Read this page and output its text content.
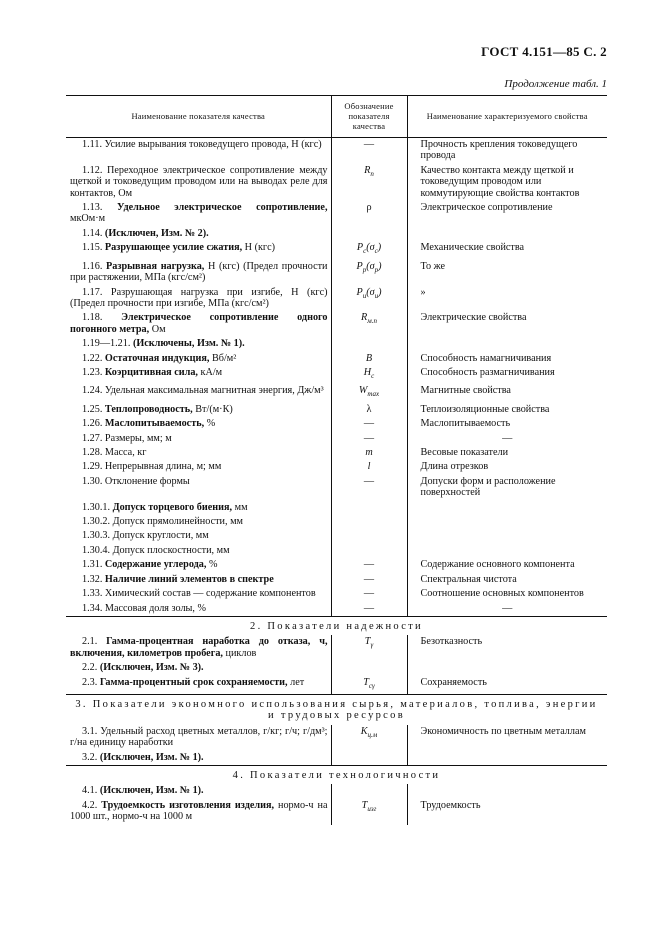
ГОСТ 4.151—85 С. 2
Продолжение табл. 1
Наименование показателя качества	Обозначение показателя качества	Наименование характеризуемого свойства
1.11. Усилие вырывания токоведущего провода, Н (кгс)	—	Прочность крепления токоведущего провода
1.12. Переходное электрическое сопротивление между щеткой и токоведущим проводом или на выводах реле для контактов, Ом	$R_п$	Качество контакта между щеткой и токоведущим проводом или коммутирующие свойства контактов
1.13. Удельное электрическое сопротивление, мкОм·м	ρ	Электрическое сопротивление
1.14. (Исключен, Изм. № 2).		
1.15. Разрушающее усилие сжатия, Н (кгс)	$P_с(\sigma_с)$	Механические свойства
1.16. Разрывная нагрузка, Н (кгс) (Предел прочности при растяжении, МПа (кгс/см²)	$P_р(\sigma_р)$	То же
1.17. Разрушающая нагрузка при изгибе, Н (кгс) (Предел прочности при изгибе, МПа (кгс/см²)	$P_и(\sigma_и)$	»
1.18. Электрическое сопротивление одного погонного метра, Ом	$R_{м.п}$	Электрические свойства
1.19—1.21. (Исключены, Изм. № 1).		
1.22. Остаточная индукция, Вб/м²	B	Способность намагничивания
1.23. Коэрцитивная сила, кА/м	$H_c$	Способность размагничивания
1.24. Удельная максимальная магнитная энергия, Дж/м³	$W_{max}$	Магнитные свойства
1.25. Теплопроводность, Вт/(м·К)	λ	Теплоизоляционные свойства
1.26. Маслопитываемость, %	—	Маслопитываемость
1.27. Размеры, мм; м	—	—
1.28. Масса, кг	m	Весовые показатели
1.29. Непрерывная длина, м; мм	l	Длина отрезков
1.30. Отклонение формы	—	Допуски форм и расположение поверхностей
1.30.1. Допуск торцевого биения, мм		
1.30.2. Допуск прямолинейности, мм		
1.30.3. Допуск круглости, мм		
1.30.4. Допуск плоскостности, мм		
1.31. Содержание углерода, %	—	Содержание основного компонента
1.32. Наличие линий элементов в спектре	—	Спектральная чистота
1.33. Химический состав — содержание компонентов	—	Соотношение основных компонентов
1.34. Массовая доля золы, %	—	—
2. Показатели надежности		
2.1. Гамма-процентная наработка до отказа, ч, включения, километров пробега, циклов	$T_\gamma$	Безотказность
2.2. (Исключен, Изм. № 3).		
2.3. Гамма-процентный срок сохраняемости, лет	$T_{с\gamma}$	Сохраняемость
3. Показатели экономного использования сырья, материалов, топлива, энергии и трудовых ресурсов		
3.1. Удельный расход цветных металлов, г/кг; г/ч; г/дм³; г/на единицу наработки	$K_{ц.м}$	Экономичность по цветным металлам
3.2. (Исключен, Изм. № 1).		
4. Показатели технологичности		
4.1. (Исключен, Изм. № 1).		
4.2. Трудоемкость изготовления изделия, нормо-ч на 1000 шт., нормо-ч на 1000 м	$T_{изг}$	Трудоемкость
